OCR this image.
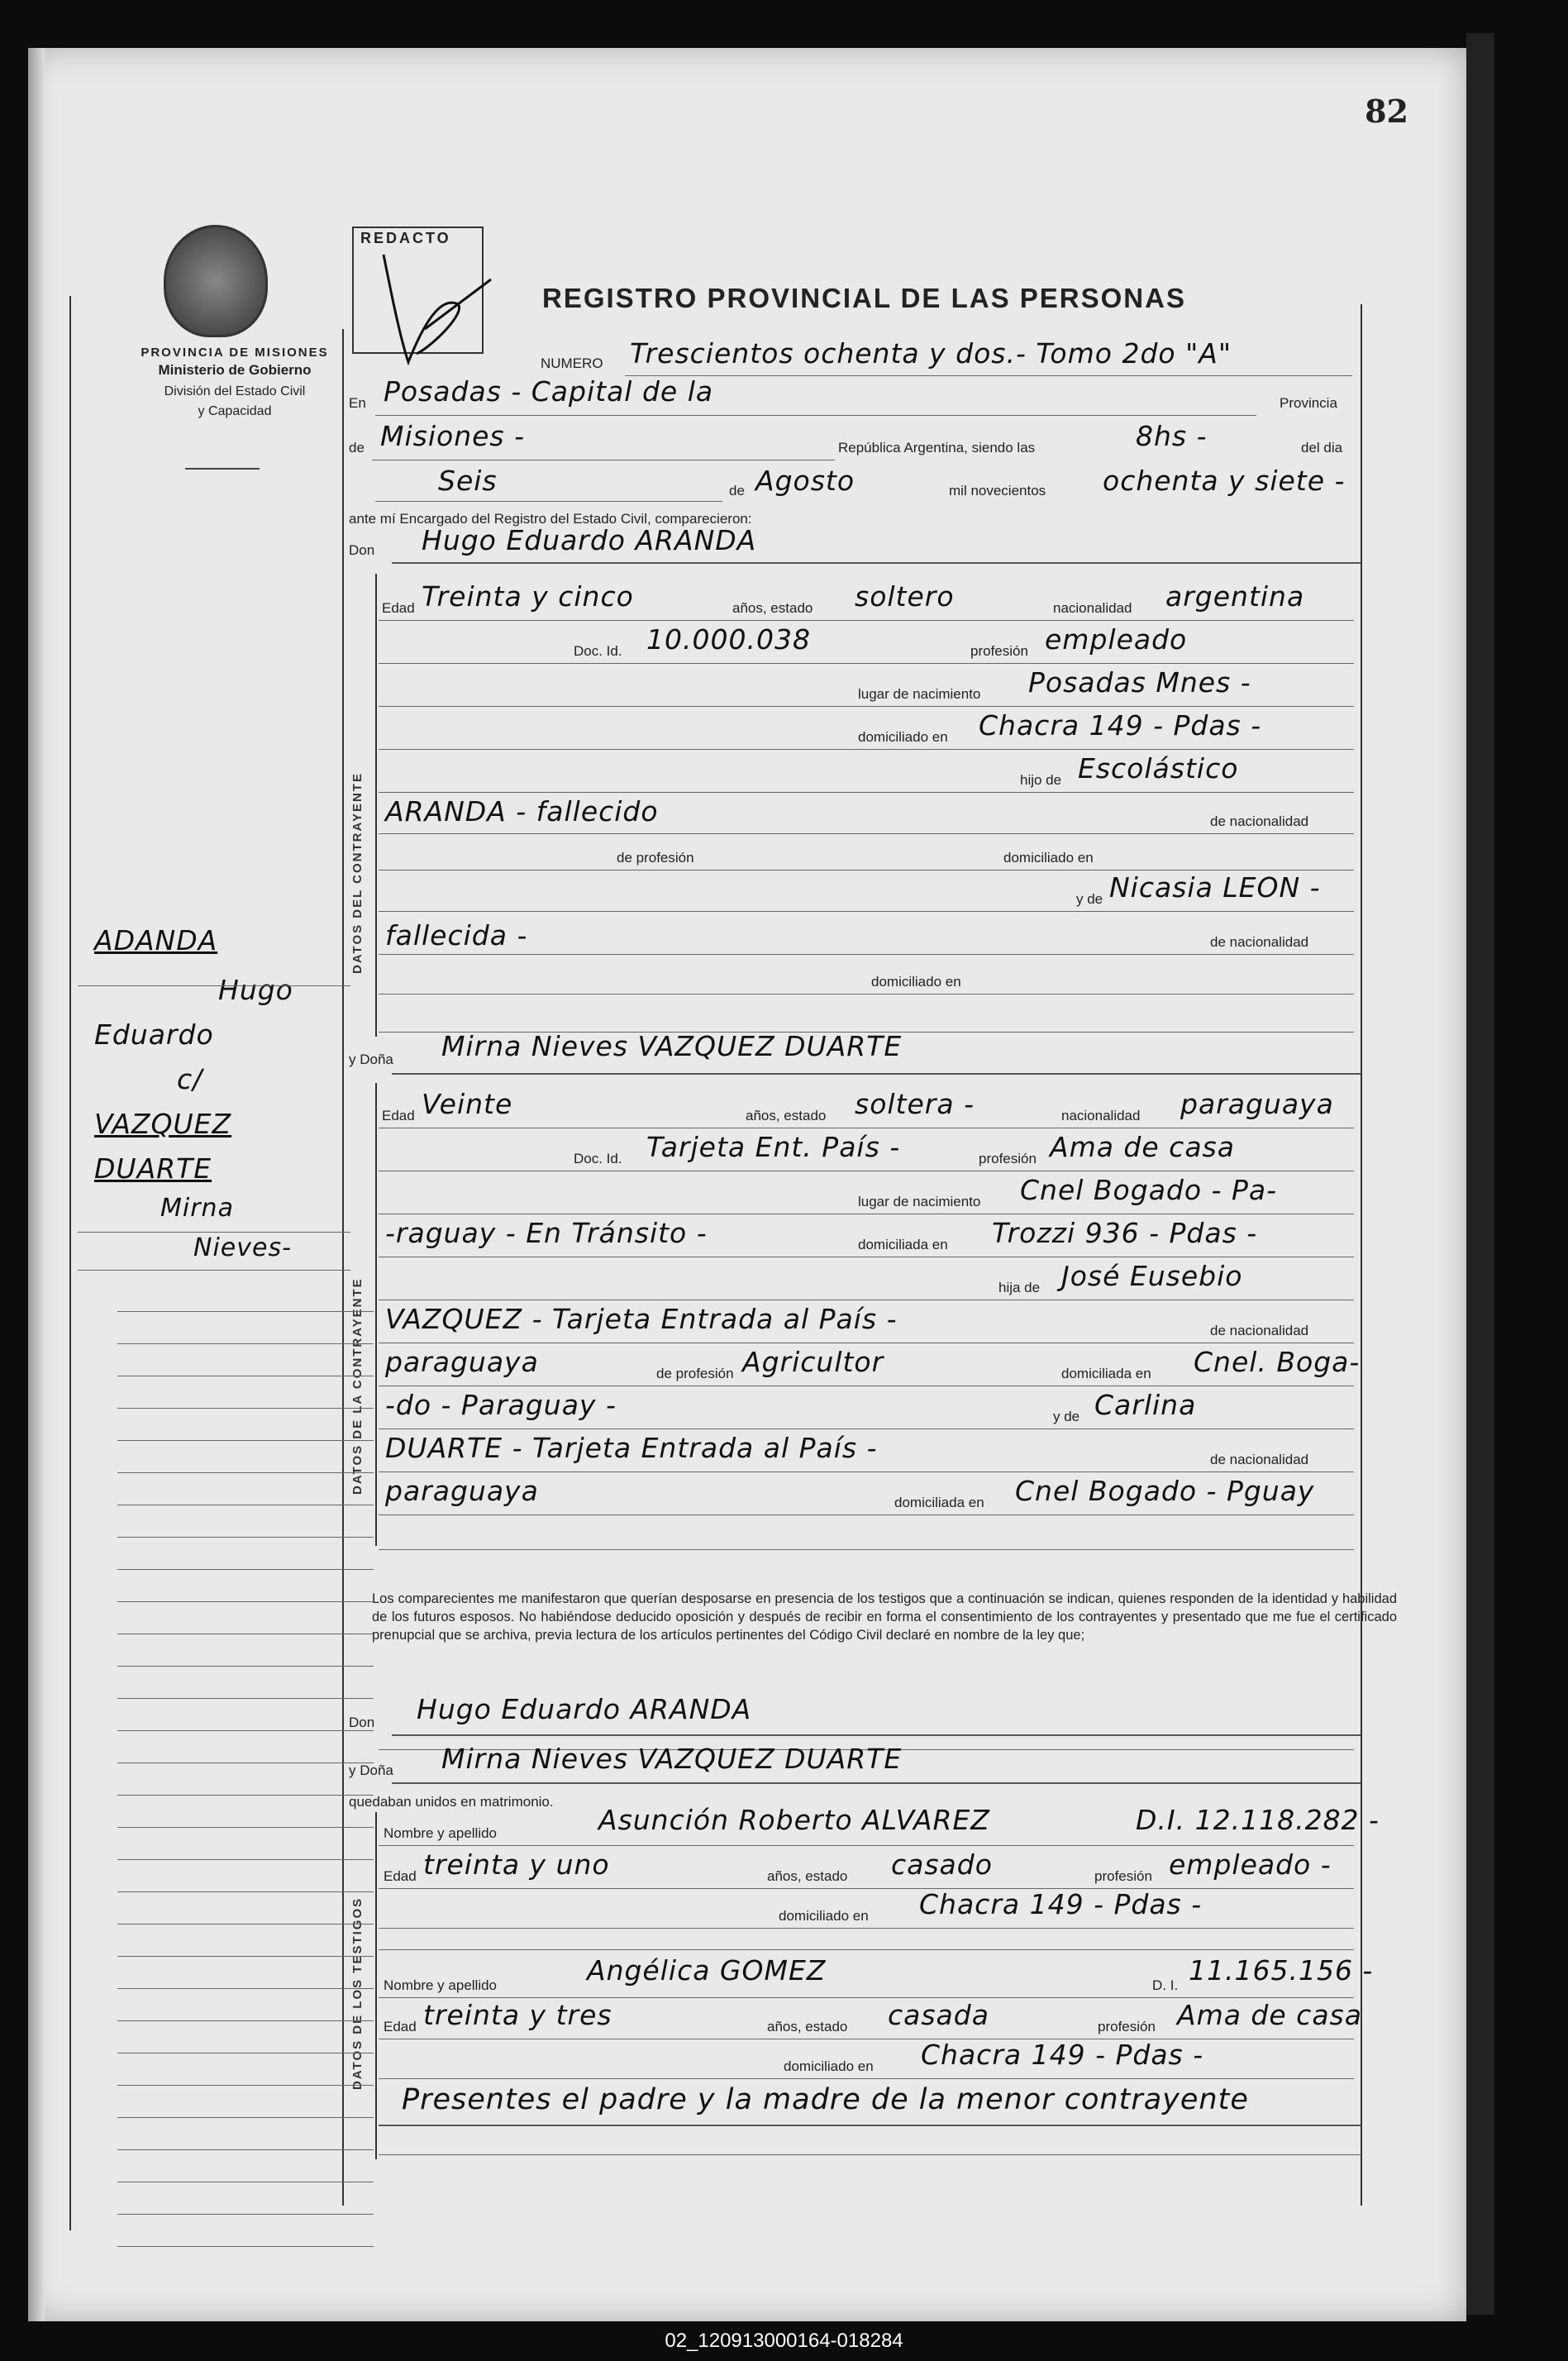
82
PROVINCIA DE MISIONES
Ministerio de Gobierno
División del Estado Civil
y Capacidad
REDACTO
REGISTRO PROVINCIAL DE LAS PERSONAS
NUMERO Trescientos ochenta y dos.- Tomo 2do "A"
En Posadas - Capital de la	Provincia
de Misiones -	República Argentina, siendo las	8hs -	del dia
Seis	de Agosto	mil novecientos ochenta y siete -
ante mí Encargado del Registro del Estado Civil, comparecieron:
Don Hugo Eduardo ARANDA
DATOS DEL CONTRAYENTE
Edad Treinta y cinco	años, estado soltero	nacionalidad argentina
Doc. Id. 10.000.038	profesión empleado
lugar de nacimiento Posadas Mnes -
domiciliado en Chacra 149 - Pdas -
hijo de Escolástico
ARANDA - fallecido	de nacionalidad
de profesión	domiciliado en
y de Nicasia LEON -
fallecida -	de nacionalidad
domiciliado en
y Doña Mirna Nieves VAZQUEZ DUARTE
DATOS DE LA CONTRAYENTE
Edad Veinte	años, estado soltera -	nacionalidad paraguaya
Doc. Id. Tarjeta Ent. País -	profesión Ama de casa
lugar de nacimiento Cnel Bogado - Pa-
-raguay - En Tránsito -	domiciliada en Trozzi 936 - Pdas -
hija de José Eusebio
VAZQUEZ - Tarjeta Entrada al País -	de nacionalidad
paraguaya	de profesión Agricultor	domiciliada en Cnel. Boga-
-do - Paraguay -	y de Carlina
DUARTE - Tarjeta Entrada al País -	de nacionalidad
paraguaya	domiciliada en Cnel Bogado - Pguay
Los comparecientes me manifestaron que querían desposarse en presencia de los testigos que a continuación se indican, quienes responden de la identidad y habilidad de los futuros esposos. No habiéndose deducido oposición y después de recibir en forma el consentimiento de los contrayentes y presentado que me fue el certificado prenupcial que se archiva, previa lectura de los artículos pertinentes del Código Civil declaré en nombre de la ley que;
Don Hugo Eduardo ARANDA
y Doña Mirna Nieves VAZQUEZ DUARTE
quedaban unidos en matrimonio.
DATOS DE LOS TESTIGOS
Nombre y apellido	Asunción Roberto ALVAREZ	D.I. 12.118.282 -
Edad treinta y uno	años, estado casado	profesión empleado -
domiciliado en Chacra 149 - Pdas -
Nombre y apellido	Angélica GOMEZ	D. I. 11.165.156 -
Edad treinta y tres	años, estado casada	profesión Ama de casa
domiciliado en Chacra 149 - Pdas -
Presentes el padre y la madre de la menor contrayente
ADANDA
Hugo
Eduardo
c/
VAZQUEZ
DUARTE
Mirna
Nieves-
02_120913000164-018284
